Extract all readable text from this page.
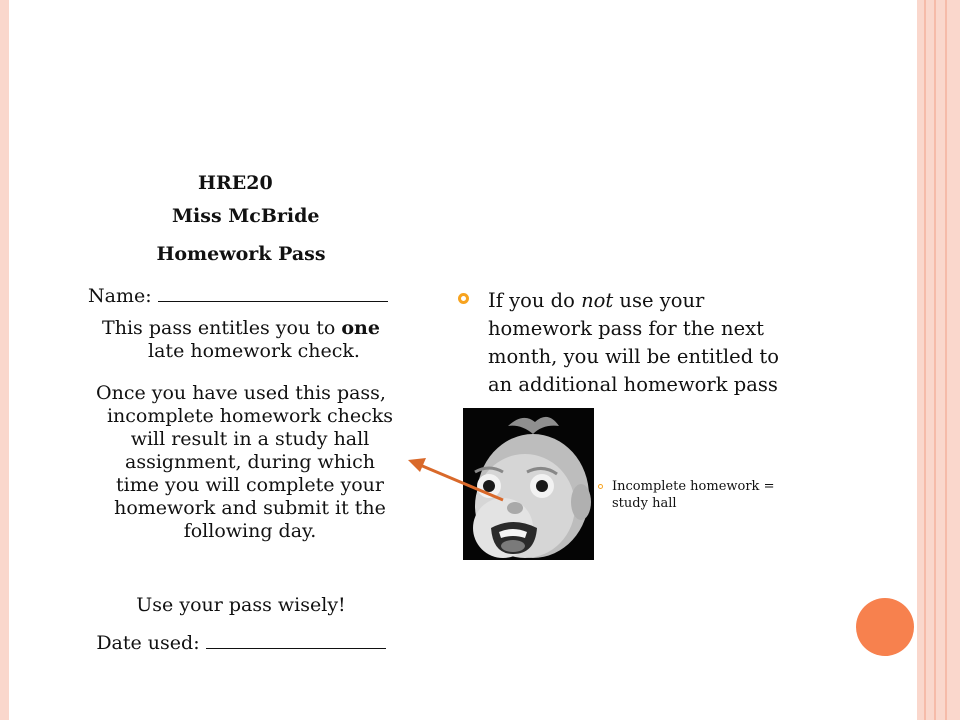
HRE20

Miss McBride

Homework Pass

Name:

This pass entitles you to one
late homework check.

Once you have used this pass,
incomplete homework checks
will result in a study hall
assignment, during which
time you will complete your
homework and submit it the
following day.

Use your pass wisely!

Date used:

If you do not use your
homework pass for the next
month, you will be entitled to
an additional homework pass
Incomplete homework =
study hall
